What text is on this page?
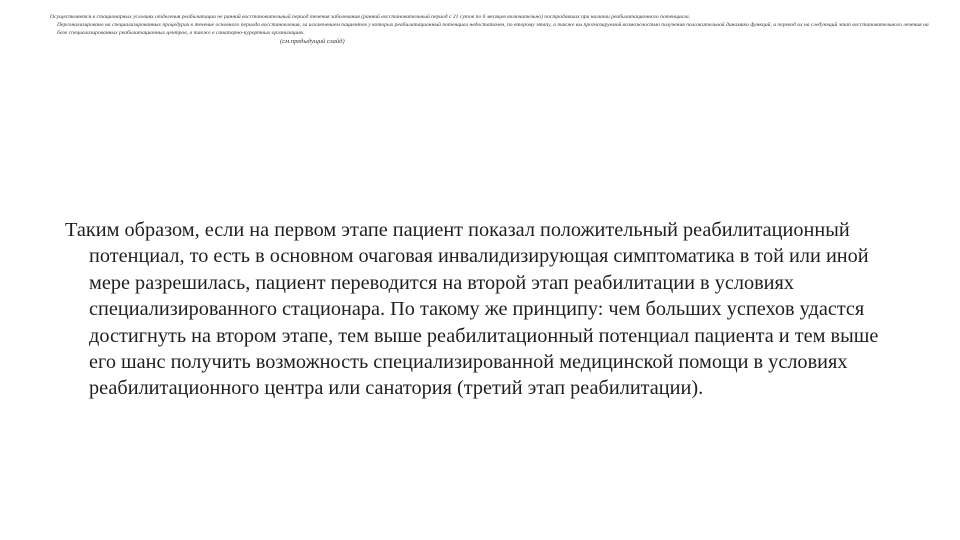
Осуществляется в стационарных условиях отделения реабилитации не ранний восстановительный период течения заболевания (ранний восстановительный период с 21 суток по 6 месяцев включительно) пострадавших при наличии реабилитационного потенциала.
Персонализировано на специализированных процедурах в течение основного периода восстановления, за исключением пациентов у которых реабилитационный потенциал недостаточен, по второму этапу, а также вы прогнозируемой возможностью получения положительной динамики функций, и перевод их на следующий этап восстановительного лечения на базе специализированных реабилитационных центров, а также в санаторно-курортных организациях.
(см.предыдущий слайд)

Таким образом, если на первом этапе пациент показал положительный реабилитационный потенциал, то есть в основном очаговая инвалидизирующая симптоматика в той или иной мере разрешилась, пациент переводится на второй этап реабилитации в условиях специализированного стационара. По такому же принципу: чем больших успехов удастся достигнуть на втором этапе, тем выше реабилитационный потенциал пациента и тем выше его шанс получить возможность специализированной медицинской помощи в условиях реабилитационного центра или санатория (третий этап реабилитации).
